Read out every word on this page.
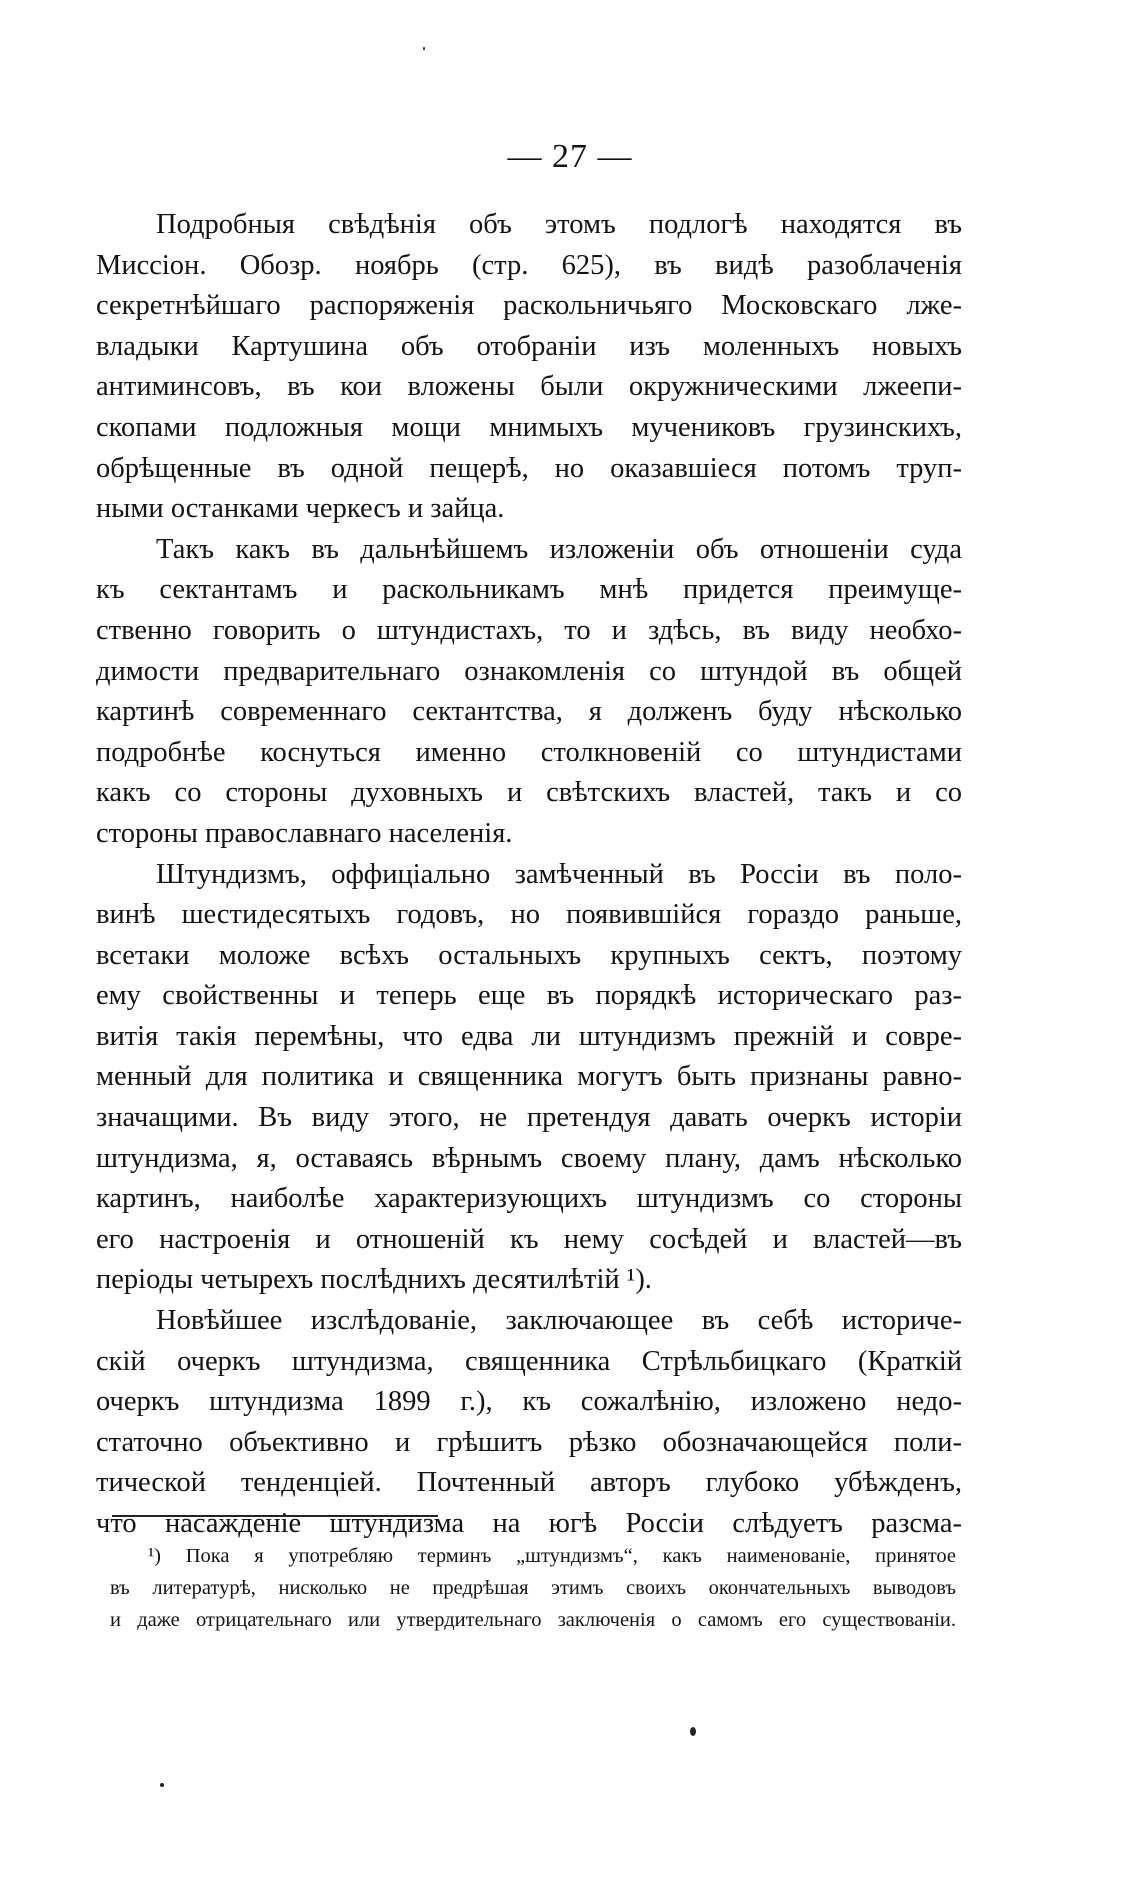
— 27 —
Подробныя свѣдѣнія объ этомъ подлогѣ находятся въ
Миссіон. Обозр. ноябрь (стр. 625), въ видѣ разоблаченія
секретнѣйшаго распоряженія раскольничьяго Московскаго лже-
владыки Картушина объ отобраніи изъ моленныхъ новыхъ
антиминсовъ, въ кои вложены были окружническими лжеепи-
скопами подложныя мощи мнимыхъ мучениковъ грузинскихъ,
обрѣщенные въ одной пещерѣ, но оказавшіеся потомъ труп-
ными останками черкесъ и зайца.
Такъ какъ въ дальнѣйшемъ изложеніи объ отношеніи суда
къ сектантамъ и раскольникамъ мнѣ придется преимуще-
ственно говорить о штундистахъ, то и здѣсь, въ виду необхо-
димости предварительнаго ознакомленія со штундой въ общей
картинѣ современнаго сектантства, я долженъ буду нѣсколько
подробнѣе коснуться именно столкновеній со штундистами
какъ со стороны духовныхъ и свѣтскихъ властей, такъ и со
стороны православнаго населенія.
Штундизмъ, оффиціально замѣченный въ Россіи въ поло-
винѣ шестидесятыхъ годовъ, но появившійся гораздо раньше,
всетаки моложе всѣхъ остальныхъ крупныхъ сектъ, поэтому
ему свойственны и теперь еще въ порядкѣ историческаго раз-
витія такія перемѣны, что едва ли штундизмъ прежній и совре-
менный для политика и священника могутъ быть признаны равно-
значащими. Въ виду этого, не претендуя давать очеркъ исторіи
штундизма, я, оставаясь вѣрнымъ своему плану, дамъ нѣсколько
картинъ, наиболѣе характеризующихъ штундизмъ со стороны
его настроенія и отношеній къ нему сосѣдей и властей—въ
періоды четырехъ послѣднихъ десятилѣтій ¹).
Новѣйшее изслѣдованіе, заключающее въ себѣ историче-
скій очеркъ штундизма, священника Стрѣльбицкаго (Краткій
очеркъ штундизма 1899 г.), къ сожалѣнію, изложено недо-
статочно объективно и грѣшитъ рѣзко обозначающейся поли-
тической тенденціей. Почтенный авторъ глубоко убѣжденъ,
что насажденіе штундизма на югѣ Россіи слѣдуетъ разсма-
¹) Пока я употребляю терминъ „штундизмъ“, какъ наименованіе, принятое
въ литературѣ, нисколько не предрѣшая этимъ своихъ окончательныхъ выводовъ
и даже отрицательнаго или утвердительнаго заключенія о самомъ его существованіи.
